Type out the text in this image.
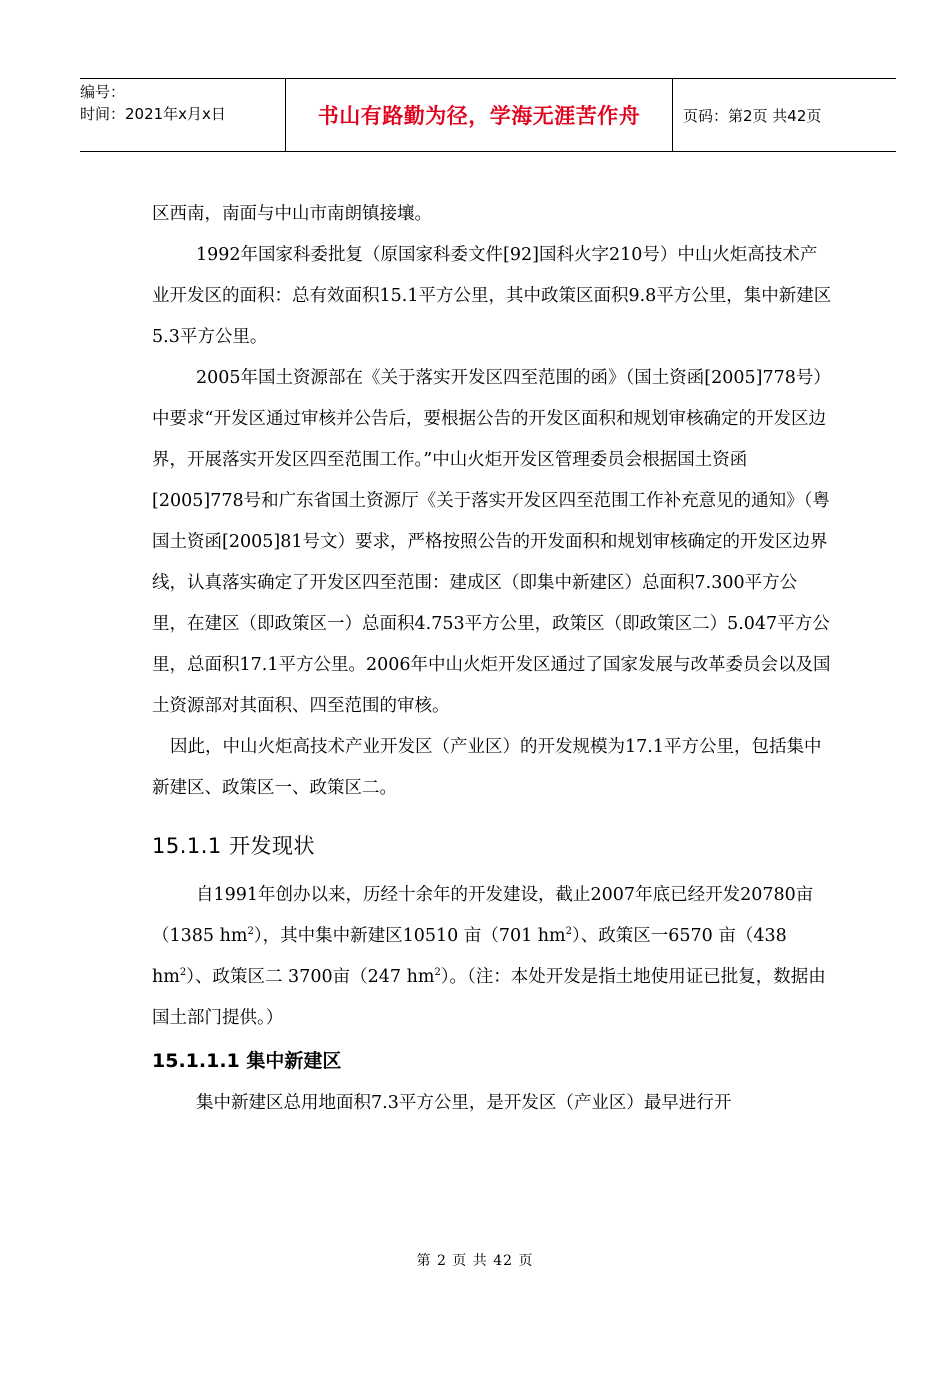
编号：
时间：2021年x月x日	书山有路勤为径，学海无涯苦作舟	页码：第2页 共42页

区西南，南面与中山市南朗镇接壤。

1992年国家科委批复（原国家科委文件[92]国科火字210号）中山火炬高技术产业开发区的面积：总有效面积15.1平方公里，其中政策区面积9.8平方公里，集中新建区5.3平方公里。

2005年国土资源部在《关于落实开发区四至范围的函》（国土资函[2005]778号）中要求“开发区通过审核并公告后，要根据公告的开发区面积和规划审核确定的开发区边界，开展落实开发区四至范围工作。”中山火炬开发区管理委员会根据国土资函[2005]778号和广东省国土资源厅《关于落实开发区四至范围工作补充意见的通知》（粤国土资函[2005]81号文）要求，严格按照公告的开发面积和规划审核确定的开发区边界线，认真落实确定了开发区四至范围：建成区（即集中新建区）总面积7.300平方公里，在建区（即政策区一）总面积4.753平方公里，政策区（即政策区二）5.047平方公里，总面积17.1平方公里。2006年中山火炬开发区通过了国家发展与改革委员会以及国土资源部对其面积、四至范围的审核。

因此，中山火炬高技术产业开发区（产业区）的开发规模为17.1平方公里，包括集中新建区、政策区一、政策区二。

15.1.1 开发现状

自1991年创办以来，历经十余年的开发建设，截止2007年底已经开发20780亩（1385 $hm^2$），其中集中新建区10510 亩（701 $hm^2$）、政策区一6570 亩（438 $hm^2$）、政策区二 3700亩（247 $hm^2$）。（注：本处开发是指土地使用证已批复，数据由国土部门提供。）

15.1.1.1 集中新建区

集中新建区总用地面积7.3平方公里，是开发区（产业区）最早进行开

第 2 页 共 42 页
